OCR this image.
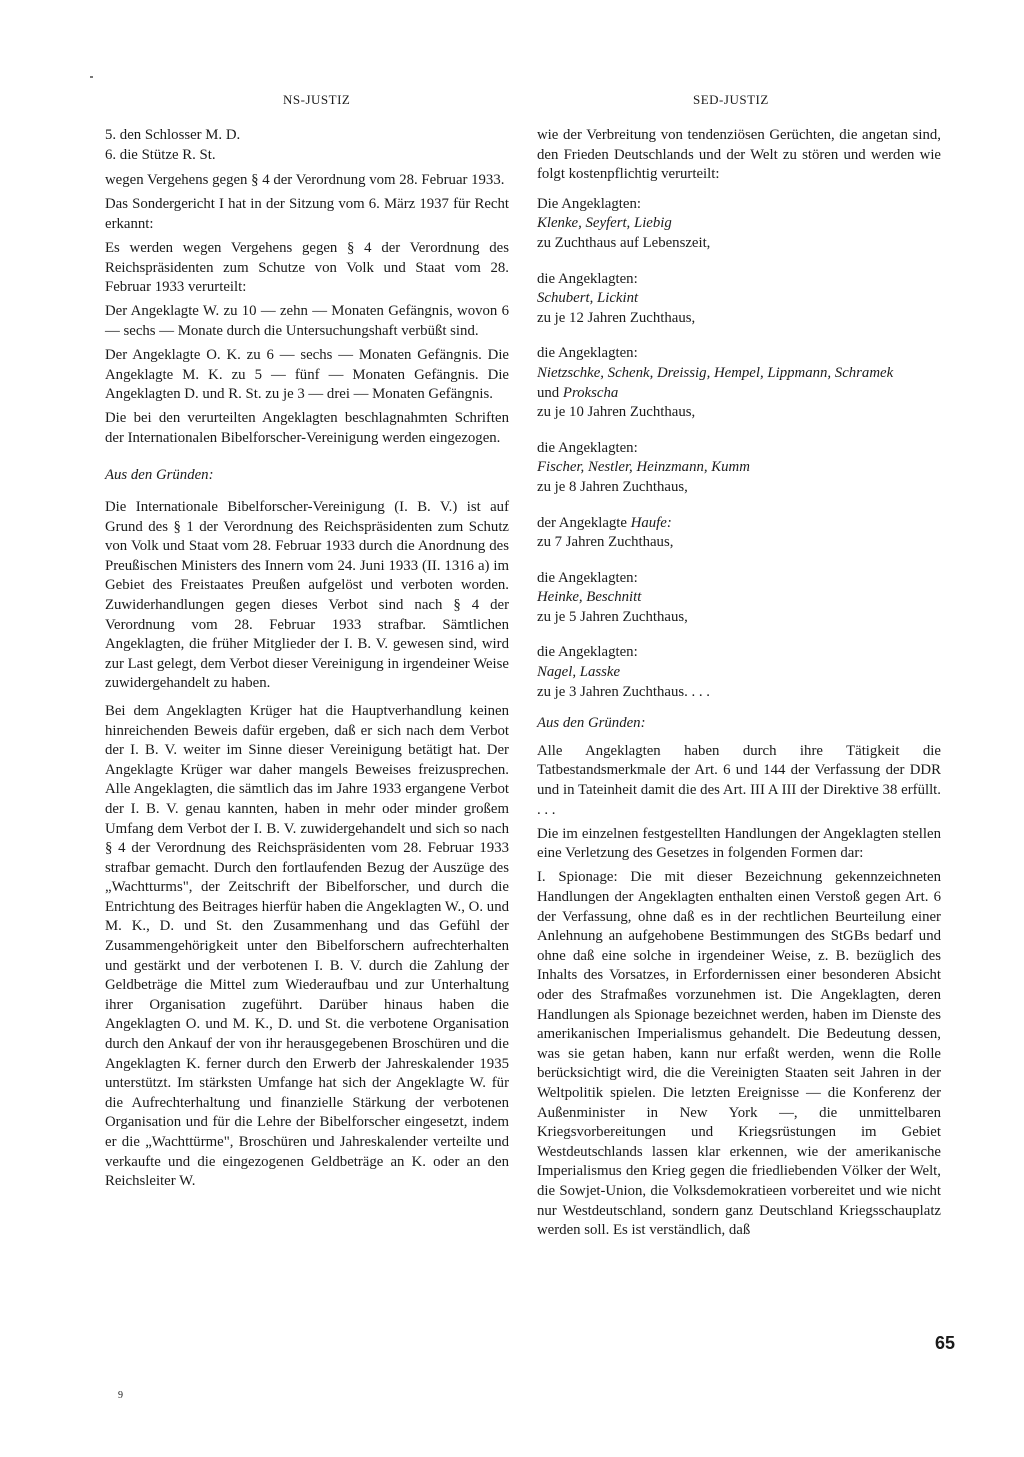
NS-JUSTIZ	SED-JUSTIZ

5. den Schlosser M. D.

6. die Stütze R. St.

wegen Vergehens gegen § 4 der Verordnung vom 28. Februar 1933.

Das Sondergericht I hat in der Sitzung vom 6. März 1937 für Recht erkannt:

Es werden wegen Vergehens gegen § 4 der Verordnung des Reichspräsidenten zum Schutze von Volk und Staat vom 28. Februar 1933 verurteilt:

Der Angeklagte W. zu 10 — zehn — Monaten Gefängnis, wovon 6 — sechs — Monate durch die Untersuchungshaft verbüßt sind.

Der Angeklagte O. K. zu 6 — sechs — Monaten Gefängnis. Die Angeklagte M. K. zu 5 — fünf — Monaten Gefängnis. Die Angeklagten D. und R. St. zu je 3 — drei — Monaten Gefängnis.

Die bei den verurteilten Angeklagten beschlagnahmten Schriften der Internationalen Bibelforscher-Vereinigung werden eingezogen.

Aus den Gründen:

Die Internationale Bibelforscher-Vereinigung (I. B. V.) ist auf Grund des § 1 der Verordnung des Reichspräsidenten zum Schutz von Volk und Staat vom 28. Februar 1933 durch die Anordnung des Preußischen Ministers des Innern vom 24. Juni 1933 (II. 1316 a) im Gebiet des Freistaates Preußen aufgelöst und verboten worden. Zuwiderhandlungen gegen dieses Verbot sind nach § 4 der Verordnung vom 28. Februar 1933 strafbar. Sämtlichen Angeklagten, die früher Mitglieder der I. B. V. gewesen sind, wird zur Last gelegt, dem Verbot dieser Vereinigung in irgendeiner Weise zuwidergehandelt zu haben.

Bei dem Angeklagten Krüger hat die Hauptverhandlung keinen hinreichenden Beweis dafür ergeben, daß er sich nach dem Verbot der I. B. V. weiter im Sinne dieser Vereinigung betätigt hat. Der Angeklagte Krüger war daher mangels Beweises freizusprechen. Alle Angeklagten, die sämtlich das im Jahre 1933 ergangene Verbot der I. B. V. genau kannten, haben in mehr oder minder großem Umfang dem Verbot der I. B. V. zuwidergehandelt und sich so nach § 4 der Verordnung des Reichspräsidenten vom 28. Februar 1933 strafbar gemacht. Durch den fortlaufenden Bezug der Auszüge des „Wachtturms", der Zeitschrift der Bibelforscher, und durch die Entrichtung des Beitrages hierfür haben die Angeklagten W., O. und M. K., D. und St. den Zusammenhang und das Gefühl der Zusammengehörigkeit unter den Bibelforschern aufrechterhalten und gestärkt und der verbotenen I. B. V. durch die Zahlung der Geldbeträge die Mittel zum Wiederaufbau und zur Unterhaltung ihrer Organisation zugeführt. Darüber hinaus haben die Angeklagten O. und M. K., D. und St. die verbotene Organisation durch den Ankauf der von ihr herausgegebenen Broschüren und die Angeklagten K. ferner durch den Erwerb der Jahreskalender 1935 unterstützt. Im stärksten Umfange hat sich der Angeklagte W. für die Aufrechterhaltung und finanzielle Stärkung der verbotenen Organisation und für die Lehre der Bibelforscher eingesetzt, indem er die „Wachttürme", Broschüren und Jahreskalender verteilte und verkaufte und die eingezogenen Geldbeträge an K. oder an den Reichsleiter W.

wie der Verbreitung von tendenziösen Gerüchten, die angetan sind, den Frieden Deutschlands und der Welt zu stören und werden wie folgt kostenpflichtig verurteilt:

Die Angeklagten:

Klenke, Seyfert, Liebig

zu Zuchthaus auf Lebenszeit,

die Angeklagten:

Schubert, Lickint

zu je 12 Jahren Zuchthaus,

die Angeklagten:

Nietzschke, Schenk, Dreissig, Hempel, Lippmann, Schramek

und Prokscha

zu je 10 Jahren Zuchthaus,

die Angeklagten:

Fischer, Nestler, Heinzmann, Kumm

zu je 8 Jahren Zuchthaus,

der Angeklagte Haufe:

zu 7 Jahren Zuchthaus,

die Angeklagten:

Heinke, Beschnitt

zu je 5 Jahren Zuchthaus,

die Angeklagten:

Nagel, Lasske

zu je 3 Jahren Zuchthaus. . . .

Aus den Gründen:

Alle Angeklagten haben durch ihre Tätigkeit die Tatbestandsmerkmale der Art. 6 und 144 der Verfassung der DDR und in Tateinheit damit die des Art. III A III der Direktive 38 erfüllt. . . .

Die im einzelnen festgestellten Handlungen der Angeklagten stellen eine Verletzung des Gesetzes in folgenden Formen dar:

I. Spionage: Die mit dieser Bezeichnung gekennzeichneten Handlungen der Angeklagten enthalten einen Verstoß gegen Art. 6 der Verfassung, ohne daß es in der rechtlichen Beurteilung einer Anlehnung an aufgehobene Bestimmungen des StGBs bedarf und ohne daß eine solche in irgendeiner Weise, z. B. bezüglich des Inhalts des Vorsatzes, in Erfordernissen einer besonderen Absicht oder des Strafmaßes vorzunehmen ist. Die Angeklagten, deren Handlungen als Spionage bezeichnet werden, haben im Dienste des amerikanischen Imperialismus gehandelt. Die Bedeutung dessen, was sie getan haben, kann nur erfaßt werden, wenn die Rolle berücksichtigt wird, die die Vereinigten Staaten seit Jahren in der Weltpolitik spielen. Die letzten Ereignisse — die Konferenz der Außenminister in New York —, die unmittelbaren Kriegsvorbereitungen und Kriegsrüstungen im Gebiet Westdeutschlands lassen klar erkennen, wie der amerikanische Imperialismus den Krieg gegen die friedliebenden Völker der Welt, die Sowjet-Union, die Volksdemokratieen vorbereitet und wie nicht nur Westdeutschland, sondern ganz Deutschland Kriegsschauplatz werden soll. Es ist verständlich, daß

65
9
